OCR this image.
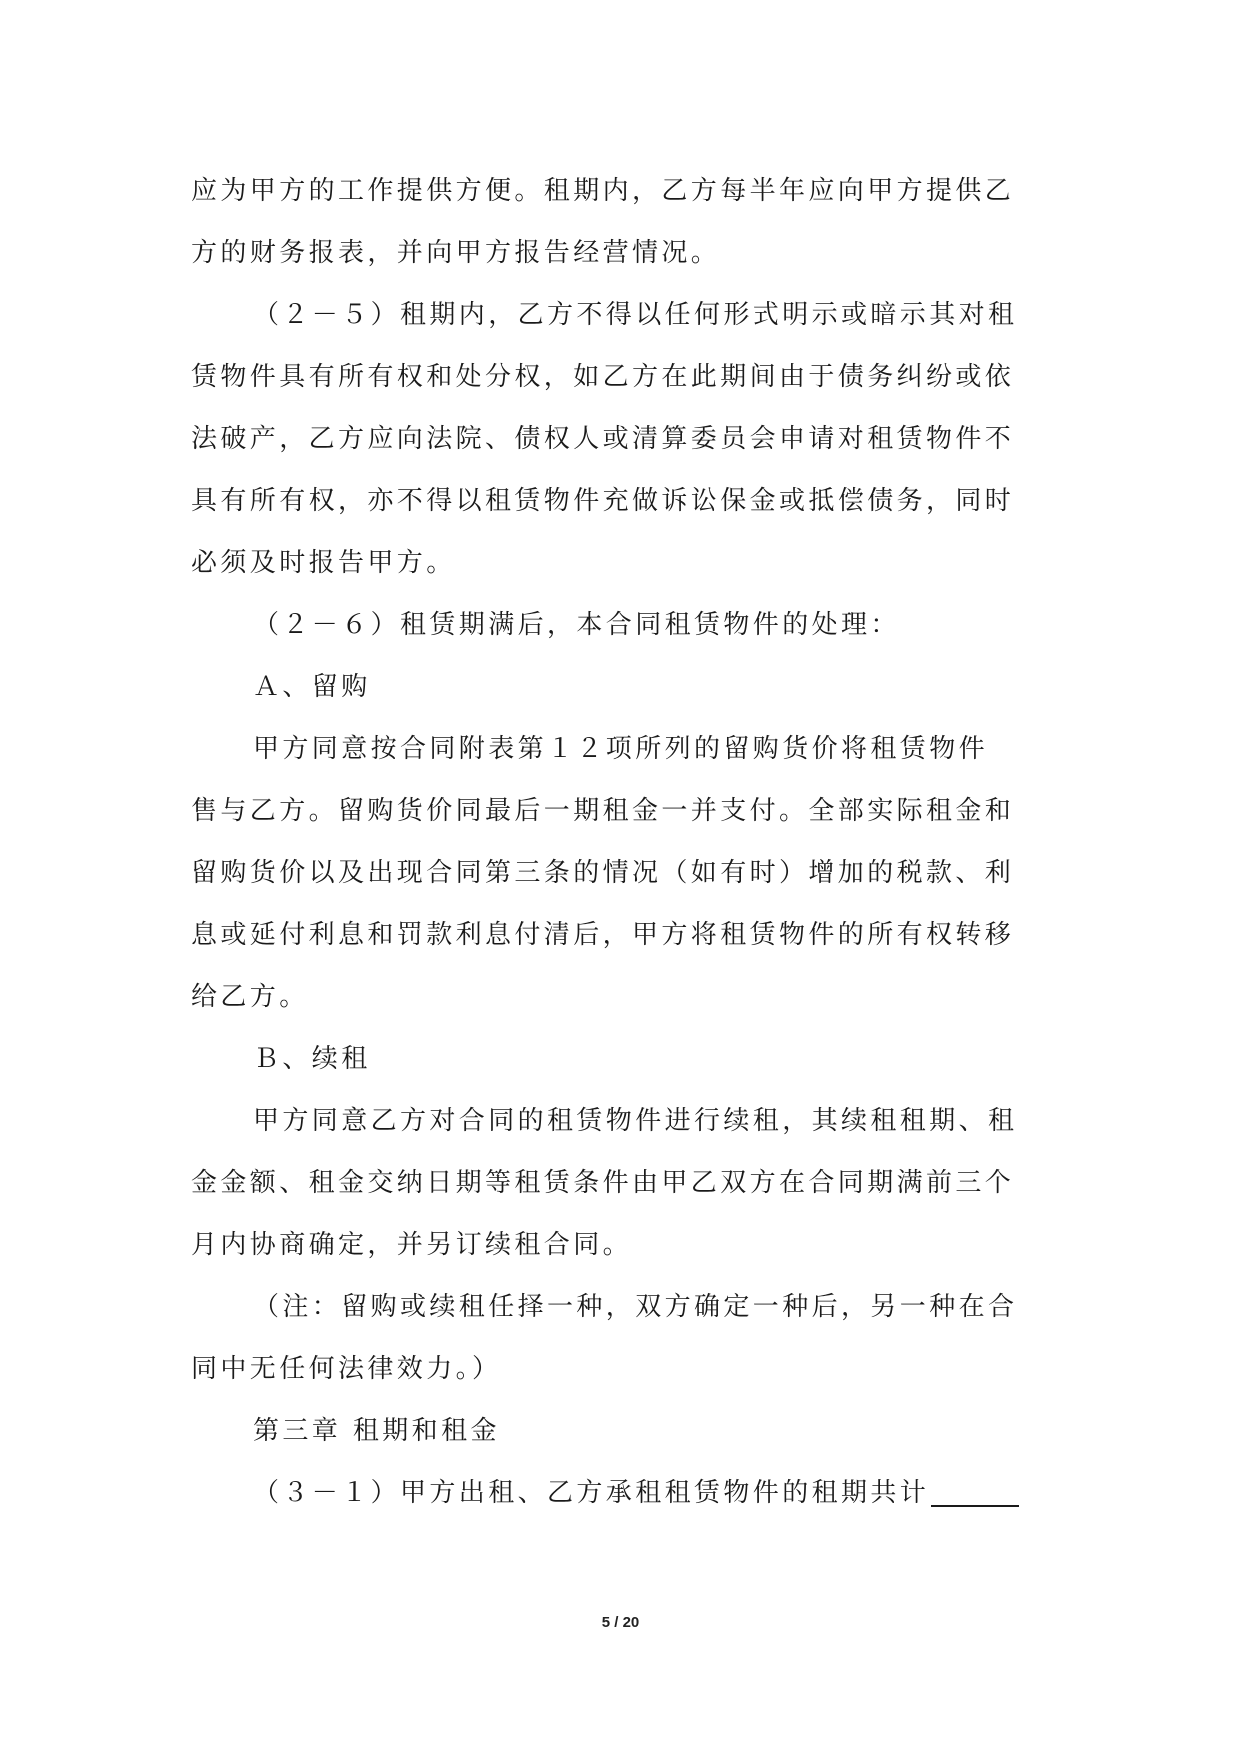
应为甲方的工作提供方便。租期内，乙方每半年应向甲方提供乙
方的财务报表，并向甲方报告经营情况。
（２－５）租期内，乙方不得以任何形式明示或暗示其对租
赁物件具有所有权和处分权，如乙方在此期间由于债务纠纷或依
法破产，乙方应向法院、债权人或清算委员会申请对租赁物件不
具有所有权，亦不得以租赁物件充做诉讼保金或抵偿债务，同时
必须及时报告甲方。
（２－６）租赁期满后，本合同租赁物件的处理：
Ａ、留购
甲方同意按合同附表第１２项所列的留购货价将租赁物件
售与乙方。留购货价同最后一期租金一并支付。全部实际租金和
留购货价以及出现合同第三条的情况（如有时）增加的税款、利
息或延付利息和罚款利息付清后，甲方将租赁物件的所有权转移
给乙方。
Ｂ、续租
甲方同意乙方对合同的租赁物件进行续租，其续租租期、租
金金额、租金交纳日期等租赁条件由甲乙双方在合同期满前三个
月内协商确定，并另订续租合同。
（注：留购或续租任择一种，双方确定一种后，另一种在合
同中无任何法律效力。）
第三章 租期和租金
（３－１）甲方出租、乙方承租租赁物件的租期共计
5 / 20
